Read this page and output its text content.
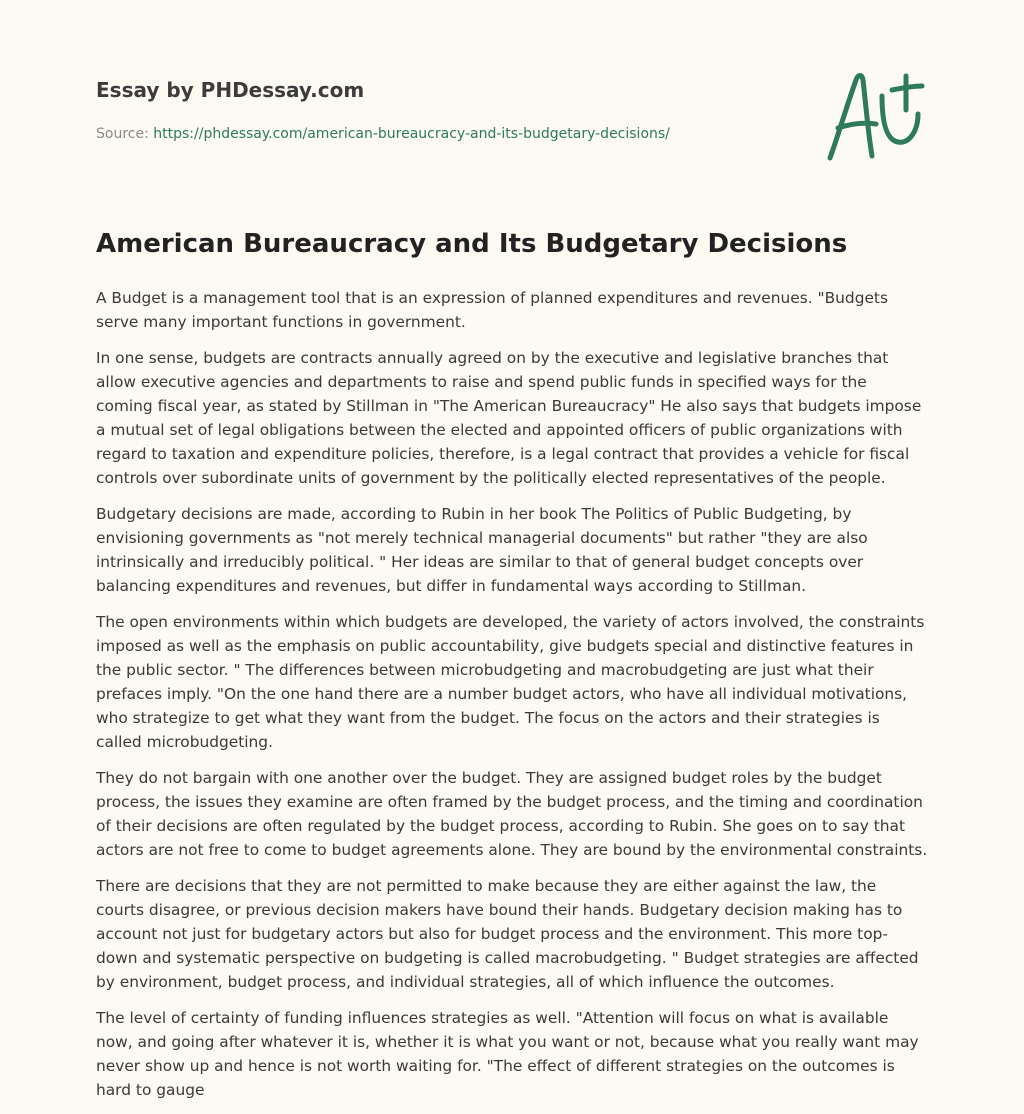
Essay by PHDessay.com
Source: https://phdessay.com/american-bureaucracy-and-its-budgetary-decisions/
American Bureaucracy and Its Budgetary Decisions

A Budget is a management tool that is an expression of planned expenditures and revenues. "Budgets serve many important functions in government.

In one sense, budgets are contracts annually agreed on by the executive and legislative branches that allow executive agencies and departments to raise and spend public funds in specified ways for the coming fiscal year, as stated by Stillman in "The American Bureaucracy" He also says that budgets impose a mutual set of legal obligations between the elected and appointed officers of public organizations with regard to taxation and expenditure policies, therefore, is a legal contract that provides a vehicle for fiscal controls over subordinate units of government by the politically elected representatives of the people.

Budgetary decisions are made, according to Rubin in her book The Politics of Public Budgeting, by envisioning governments as "not merely technical managerial documents" but rather "they are also intrinsically and irreducibly political. " Her ideas are similar to that of general budget concepts over balancing expenditures and revenues, but differ in fundamental ways according to Stillman.

The open environments within which budgets are developed, the variety of actors involved, the constraints imposed as well as the emphasis on public accountability, give budgets special and distinctive features in the public sector. " The differences between microbudgeting and macrobudgeting are just what their prefaces imply. "On the one hand there are a number budget actors, who have all individual motivations, who strategize to get what they want from the budget. The focus on the actors and their strategies is called microbudgeting.

They do not bargain with one another over the budget. They are assigned budget roles by the budget process, the issues they examine are often framed by the budget process, and the timing and coordination of their decisions are often regulated by the budget process, according to Rubin. She goes on to say that actors are not free to come to budget agreements alone. They are bound by the environmental constraints.

There are decisions that they are not permitted to make because they are either against the law, the courts disagree, or previous decision makers have bound their hands. Budgetary decision making has to account not just for budgetary actors but also for budget process and the environment. This more top-down and systematic perspective on budgeting is called macrobudgeting. " Budget strategies are affected by environment, budget process, and individual strategies, all of which influence the outcomes.

The level of certainty of funding influences strategies as well. "Attention will focus on what is available now, and going after whatever it is, whether it is what you want or not, because what you really want may never show up and hence is not worth waiting for. "The effect of different strategies on the outcomes is hard to gauge
